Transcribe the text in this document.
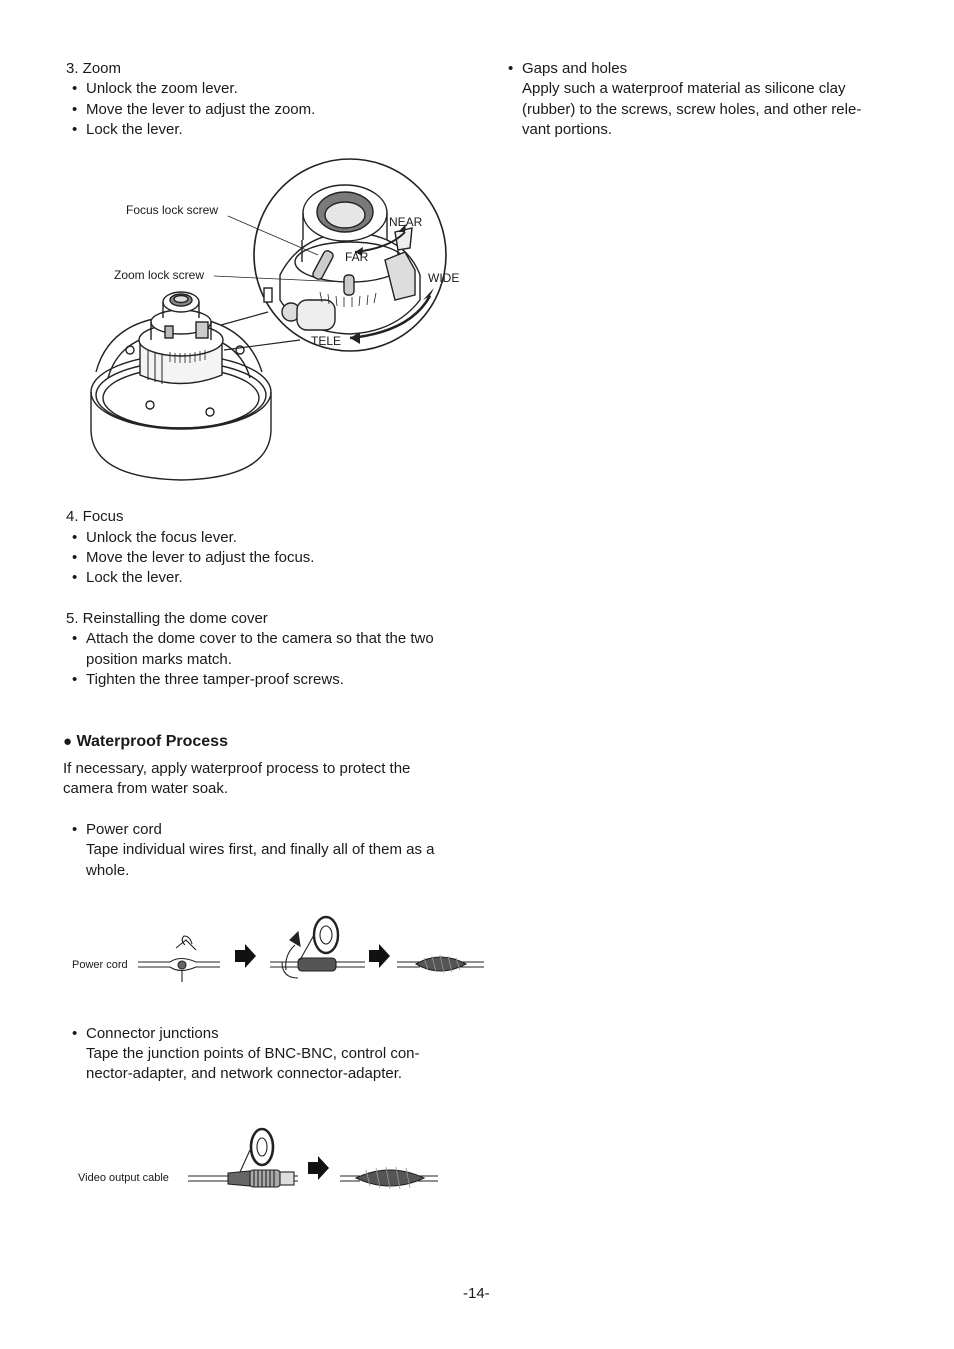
3. Zoom
• Unlock the zoom lever.
• Move the lever to adjust the zoom.
• Lock the lever.
Focus lock screw
Zoom lock screw
NEAR
FAR
WIDE
TELE
4. Focus
• Unlock the focus lever.
• Move the lever to adjust the focus.
• Lock the lever.
5. Reinstalling the dome cover
• Attach the dome cover to the camera so that the two
position marks match.
• Tighten the three tamper-proof screws.
● Waterproof Process
If necessary, apply waterproof process to protect the
camera from water soak.
• Power cord
Tape individual wires first, and finally all of them as a
whole.
Power cord
• Connector junctions
Tape the junction points of BNC-BNC, control con-
nector-adapter, and network connector-adapter.
Video output cable
• Gaps and holes
Apply such a waterproof material as silicone clay
(rubber) to the screws, screw holes, and other rele-
vant portions.
-14-
